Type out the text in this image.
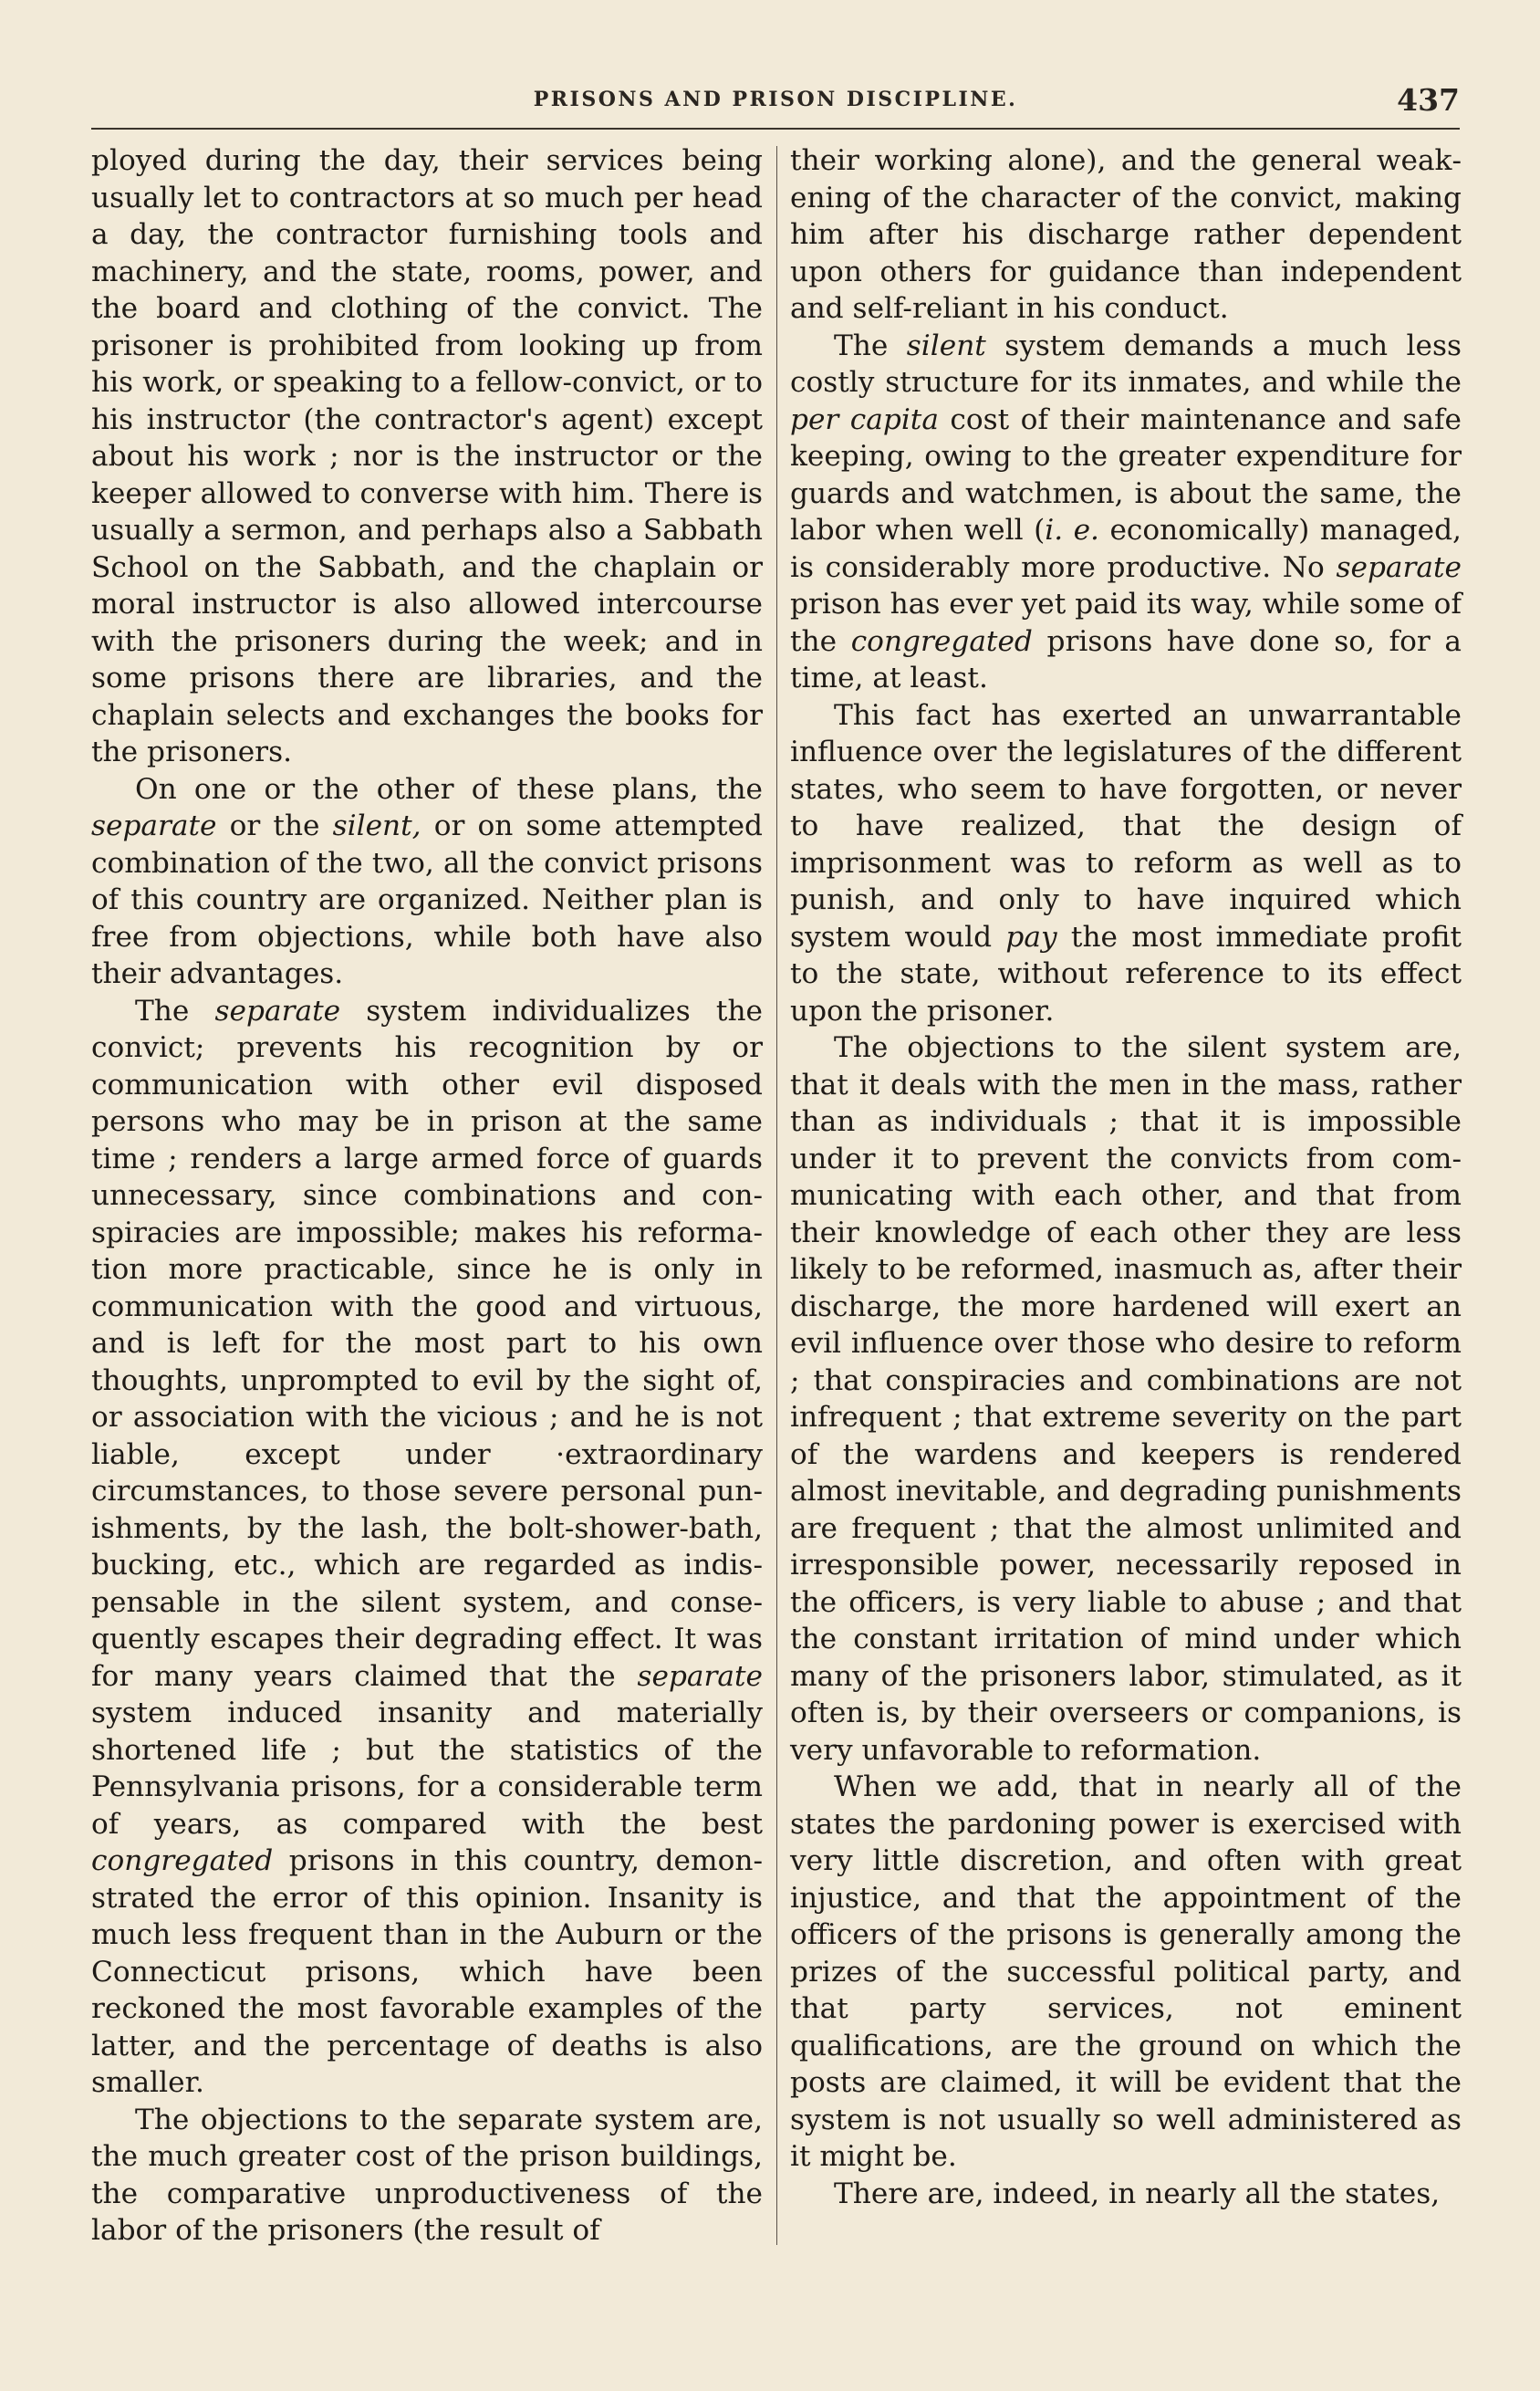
PRISONS AND PRISON DISCIPLINE.	437

ployed during the day, their services being usually let to contractors at so much per head a day, the contractor furnishing tools and machinery, and the state, rooms, power, and the board and clothing of the convict. The prisoner is prohibited from looking up from his work, or speaking to a fellow-convict, or to his instructor (the contractor's agent) except about his work ; nor is the instructor or the keeper allowed to converse with him. There is usually a sermon, and perhaps also a Sabbath School on the Sabbath, and the chaplain or moral instructor is also allowed intercourse with the prisoners during the week; and in some prisons there are libraries, and the chaplain selects and exchanges the books for the prisoners.

On one or the other of these plans, the separate or the silent, or on some attempted combination of the two, all the convict prisons of this country are organized. Neither plan is free from objections, while both have also their advantages.

The separate system individualizes the convict; prevents his recognition by or communication with other evil disposed persons who may be in prison at the same time ; renders a large armed force of guards unnecessary, since combinations and conspiracies are impossible; makes his reformation more practicable, since he is only in communication with the good and virtuous, and is left for the most part to his own thoughts, unprompted to evil by the sight of, or association with the vicious ; and he is not liable, except under ·extraordinary circumstances, to those severe personal punishments, by the lash, the bolt-shower-bath, bucking, etc., which are regarded as indispensable in the silent system, and consequently escapes their degrading effect. It was for many years claimed that the separate system induced insanity and materially shortened life ; but the statistics of the Pennsylvania prisons, for a considerable term of years, as compared with the best congregated prisons in this country, demonstrated the error of this opinion. Insanity is much less frequent than in the Auburn or the Connecticut prisons, which have been reckoned the most favorable examples of the latter, and the percentage of deaths is also smaller.

The objections to the separate system are, the much greater cost of the prison buildings, the comparative unproductiveness of the labor of the prisoners (the result of

their working alone), and the general weakening of the character of the convict, making him after his discharge rather dependent upon others for guidance than independent and self-reliant in his conduct.

The silent system demands a much less costly structure for its inmates, and while the per capita cost of their maintenance and safe keeping, owing to the greater expenditure for guards and watchmen, is about the same, the labor when well (i. e. economically) managed, is considerably more productive. No separate prison has ever yet paid its way, while some of the congregated prisons have done so, for a time, at least.

This fact has exerted an unwarrantable influence over the legislatures of the different states, who seem to have forgotten, or never to have realized, that the design of imprisonment was to reform as well as to punish, and only to have inquired which system would pay the most immediate profit to the state, without reference to its effect upon the prisoner.

The objections to the silent system are, that it deals with the men in the mass, rather than as individuals ; that it is impossible under it to prevent the convicts from communicating with each other, and that from their knowledge of each other they are less likely to be reformed, inasmuch as, after their discharge, the more hardened will exert an evil influence over those who desire to reform ; that conspiracies and combinations are not infrequent ; that extreme severity on the part of the wardens and keepers is rendered almost inevitable, and degrading punishments are frequent ; that the almost unlimited and irresponsible power, necessarily reposed in the officers, is very liable to abuse ; and that the constant irritation of mind under which many of the prisoners labor, stimulated, as it often is, by their overseers or companions, is very unfavorable to reformation.

When we add, that in nearly all of the states the pardoning power is exercised with very little discretion, and often with great injustice, and that the appointment of the officers of the prisons is generally among the prizes of the successful political party, and that party services, not eminent qualifications, are the ground on which the posts are claimed, it will be evident that the system is not usually so well administered as it might be.

There are, indeed, in nearly all the states,
